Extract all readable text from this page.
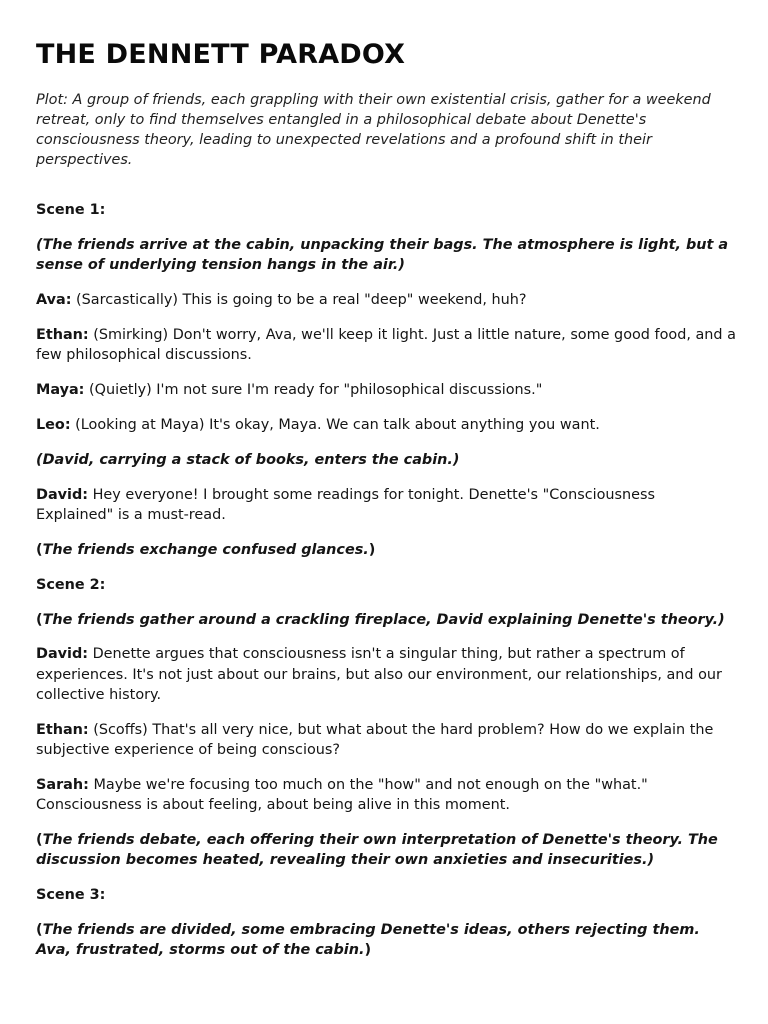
THE DENNETT PARADOX

Plot: A group of friends, each grappling with their own existential crisis, gather for a weekend retreat, only to find themselves entangled in a philosophical debate about Denette's consciousness theory, leading to unexpected revelations and a profound shift in their perspectives.

Scene 1:

(The friends arrive at the cabin, unpacking their bags. The atmosphere is light, but a sense of underlying tension hangs in the air.)

Ava: (Sarcastically) This is going to be a real "deep" weekend, huh?

Ethan: (Smirking) Don't worry, Ava, we'll keep it light. Just a little nature, some good food, and a few philosophical discussions.

Maya: (Quietly) I'm not sure I'm ready for "philosophical discussions."

Leo: (Looking at Maya) It's okay, Maya. We can talk about anything you want.

(David, carrying a stack of books, enters the cabin.)

David: Hey everyone! I brought some readings for tonight. Denette's "Consciousness Explained" is a must-read.

(The friends exchange confused glances.)

Scene 2:

(The friends gather around a crackling fireplace, David explaining Denette's theory.)

David: Denette argues that consciousness isn't a singular thing, but rather a spectrum of experiences. It's not just about our brains, but also our environment, our relationships, and our collective history.

Ethan: (Scoffs) That's all very nice, but what about the hard problem? How do we explain the subjective experience of being conscious?

Sarah: Maybe we're focusing too much on the "how" and not enough on the "what." Consciousness is about feeling, about being alive in this moment.

(The friends debate, each offering their own interpretation of Denette's theory. The discussion becomes heated, revealing their own anxieties and insecurities.)

Scene 3:

(The friends are divided, some embracing Denette's ideas, others rejecting them. Ava, frustrated, storms out of the cabin.)
